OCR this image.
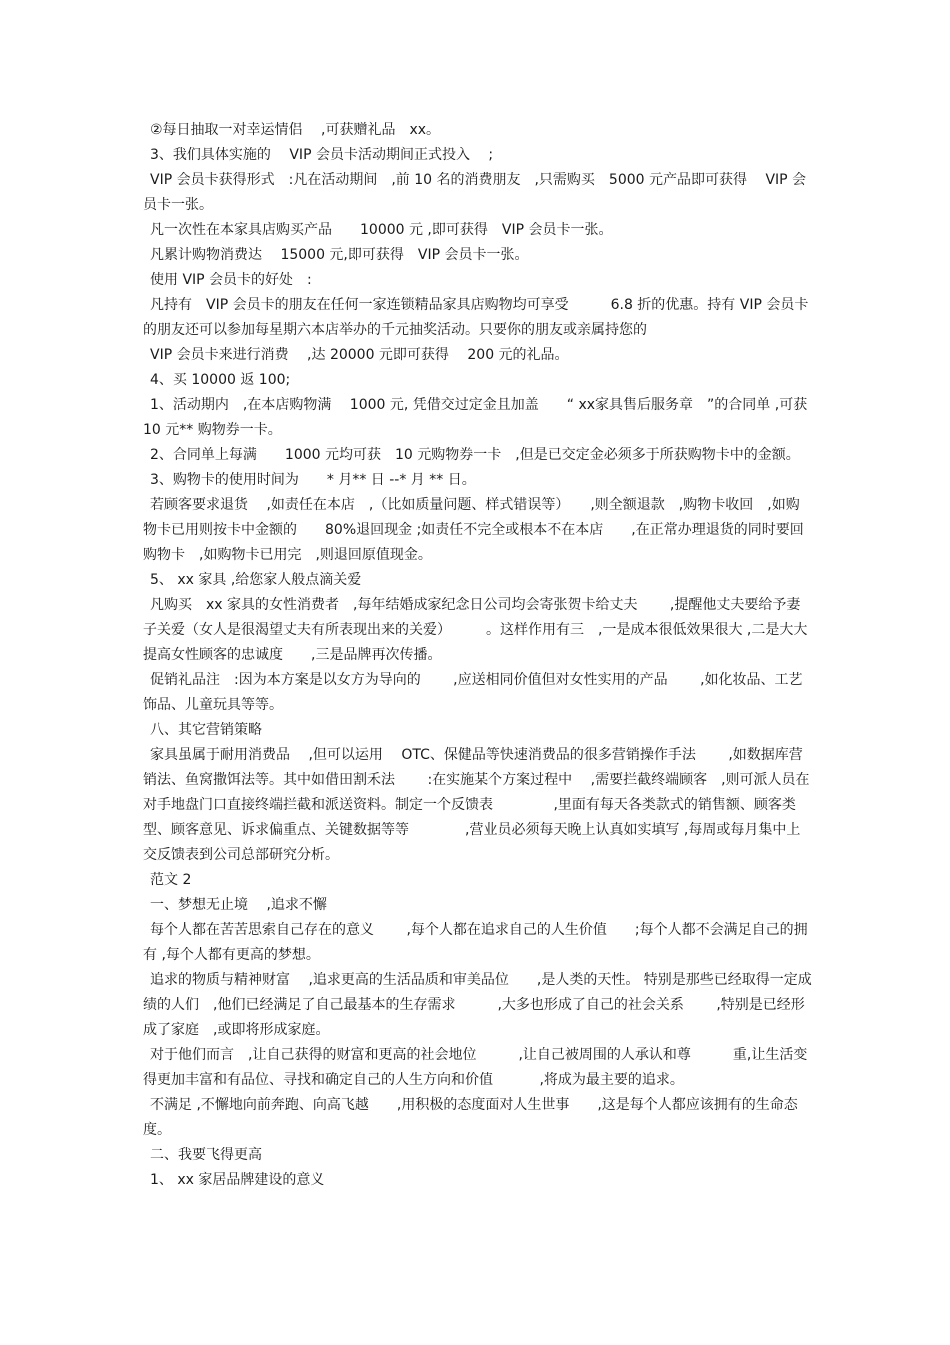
②每日抽取一对幸运情侣　 ,可获赠礼品　xx。

3、我们具体实施的　 VIP 会员卡活动期间正式投入　 ;

VIP 会员卡获得形式　:凡在活动期间　,前 10 名的消费朋友　,只需购买　5000 元产品即可获得　 VIP 会员卡一张。

凡一次性在本家具店购买产品　　10000 元 ,即可获得　VIP 会员卡一张。

凡累计购物消费达　 15000 元,即可获得　VIP 会员卡一张。

使用 VIP 会员卡的好处　:

凡持有　VIP 会员卡的朋友在任何一家连锁精品家具店购物均可享受　　　6.8 折的优惠。持有 VIP 会员卡的朋友还可以参加每星期六本店举办的千元抽奖活动。只要你的朋友或亲属持您的

VIP 会员卡来进行消费　 ,达 20000 元即可获得　 200 元的礼品。

4、买 10000 返 100;

1、活动期内　,在本店购物满　 1000 元, 凭借交过定金且加盖　　“ xx家具售后服务章　”的合同单 ,可获 10 元** 购物券一卡。

2、合同单上每满　　1000 元均可获　10 元购物券一卡　,但是已交定金必须多于所获购物卡中的金额。

3、购物卡的使用时间为　　* 月** 日 --* 月 ** 日。

若顾客要求退货　 ,如责任在本店　,（比如质量问题、样式错误等）　　,则全额退款　,购物卡收回　,如购物卡已用则按卡中金额的　　80%退回现金 ;如责任不完全或根本不在本店　　,在正常办理退货的同时要回购物卡　,如购物卡已用完　,则退回原值现金。

5、 xx 家具 ,给您家人般点滴关爱

凡购买　xx 家具的女性消费者　,每年结婚成家纪念日公司均会寄张贺卡给丈夫　　 ,提醒他丈夫要给予妻子关爱（女人是很渴望丈夫有所表现出来的关爱）　　　。这样作用有三　,一是成本很低效果很大 ,二是大大提高女性顾客的忠诚度　　,三是品牌再次传播。

促销礼品注　:因为本方案是以女方为导向的　　 ,应送相同价值但对女性实用的产品　　 ,如化妆品、工艺饰品、儿童玩具等等。

八、其它营销策略

家具虽属于耐用消费品　 ,但可以运用　 OTC、保健品等快速消费品的很多营销操作手法　　 ,如数据库营销法、鱼窝撒饵法等。其中如借田割禾法　　 :在实施某个方案过程中　 ,需要拦截终端顾客　,则可派人员在对手地盘门口直接终端拦截和派送资料。制定一个反馈表　　　　 ,里面有每天各类款式的销售额、顾客类型、顾客意见、诉求偏重点、关键数据等等　　　　,营业员必须每天晚上认真如实填写 ,每周或每月集中上交反馈表到公司总部研究分析。

范文 2

一、梦想无止境　 ,追求不懈

每个人都在苦苦思索自己存在的意义　　 ,每个人都在追求自己的人生价值　　;每个人都不会满足自己的拥有 ,每个人都有更高的梦想。

追求的物质与精神财富　 ,追求更高的生活品质和审美品位　　,是人类的天性。 特别是那些已经取得一定成绩的人们　,他们已经满足了自己最基本的生存需求　　　,大多也形成了自己的社会关系　　 ,特别是已经形成了家庭　,或即将形成家庭。

对于他们而言　,让自己获得的财富和更高的社会地位　　　,让自己被周围的人承认和尊　　　重,让生活变得更加丰富和有品位、寻找和确定自己的人生方向和价值　　　 ,将成为最主要的追求。

不满足 ,不懈地向前奔跑、向高飞越　　,用积极的态度面对人生世事　　,这是每个人都应该拥有的生命态度。

二、我要飞得更高

1、 xx 家居品牌建设的意义
